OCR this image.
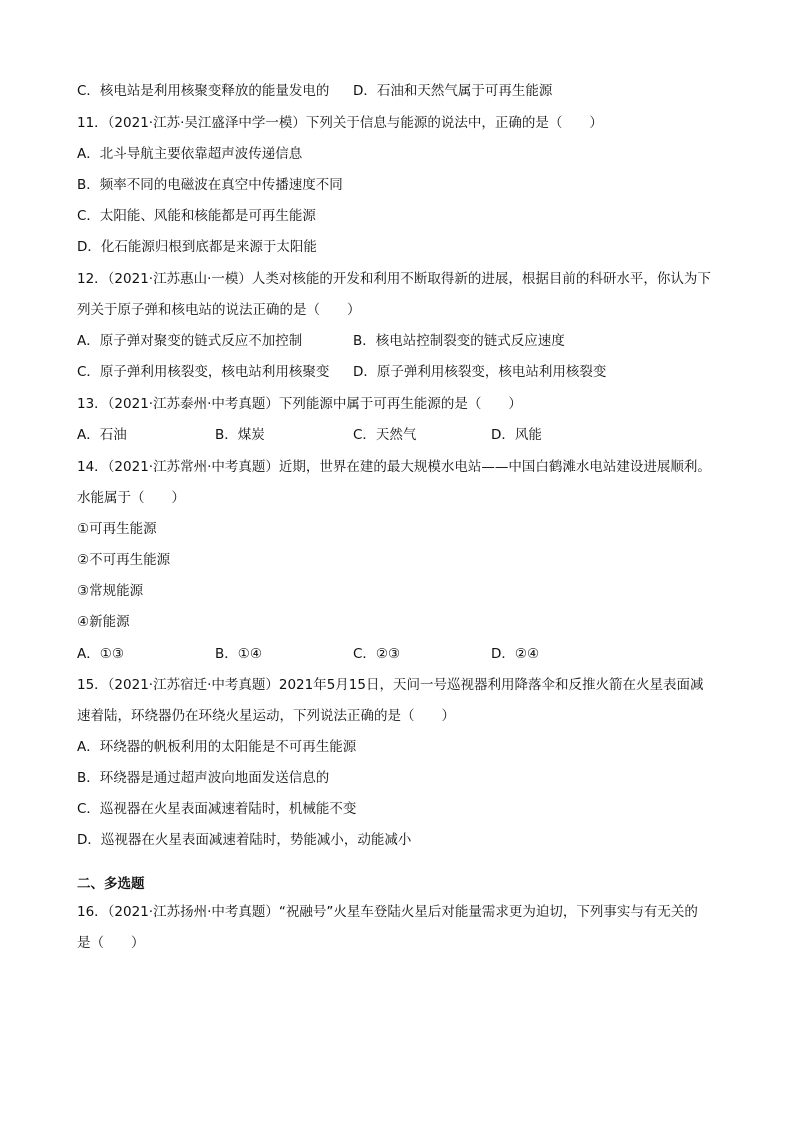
C．核电站是利用核聚变释放的能量发电的 D．石油和天然气属于可再生能源
11．（2021·江苏·吴江盛泽中学一模）下列关于信息与能源的说法中，正确的是（　　）
A．北斗导航主要依靠超声波传递信息
B．频率不同的电磁波在真空中传播速度不同
C．太阳能、风能和核能都是可再生能源
D．化石能源归根到底都是来源于太阳能
12．（2021·江苏惠山·一模）人类对核能的开发和利用不断取得新的进展，根据目前的科研水平，你认为下
列关于原子弹和核电站的说法正确的是（　　）
A．原子弹对聚变的链式反应不加控制	B．核电站控制裂变的链式反应速度
C．原子弹利用核裂变，核电站利用核聚变 D．原子弹利用核裂变，核电站利用核裂变
13．（2021·江苏泰州·中考真题）下列能源中属于可再生能源的是（　　）
A．石油	B．煤炭	C．天然气	D．风能
14．（2021·江苏常州·中考真题）近期，世界在建的最大规模水电站——中国白鹤滩水电站建设进展顺利。
水能属于（　　）
①可再生能源
②不可再生能源
③常规能源
④新能源
A．①③	B．①④	C．②③	D．②④
15．（2021·江苏宿迁·中考真题）2021年5月15日，天问一号巡视器利用降落伞和反推火箭在火星表面减
速着陆，环绕器仍在环绕火星运动，下列说法正确的是（　　）
A．环绕器的帆板利用的太阳能是不可再生能源
B．环绕器是通过超声波向地面发送信息的
C．巡视器在火星表面减速着陆时，机械能不变
D．巡视器在火星表面减速着陆时，势能减小，动能减小
二、多选题
16．（2021·江苏扬州·中考真题）“祝融号”火星车登陆火星后对能量需求更为迫切，下列事实与有无关的
是（　　）
